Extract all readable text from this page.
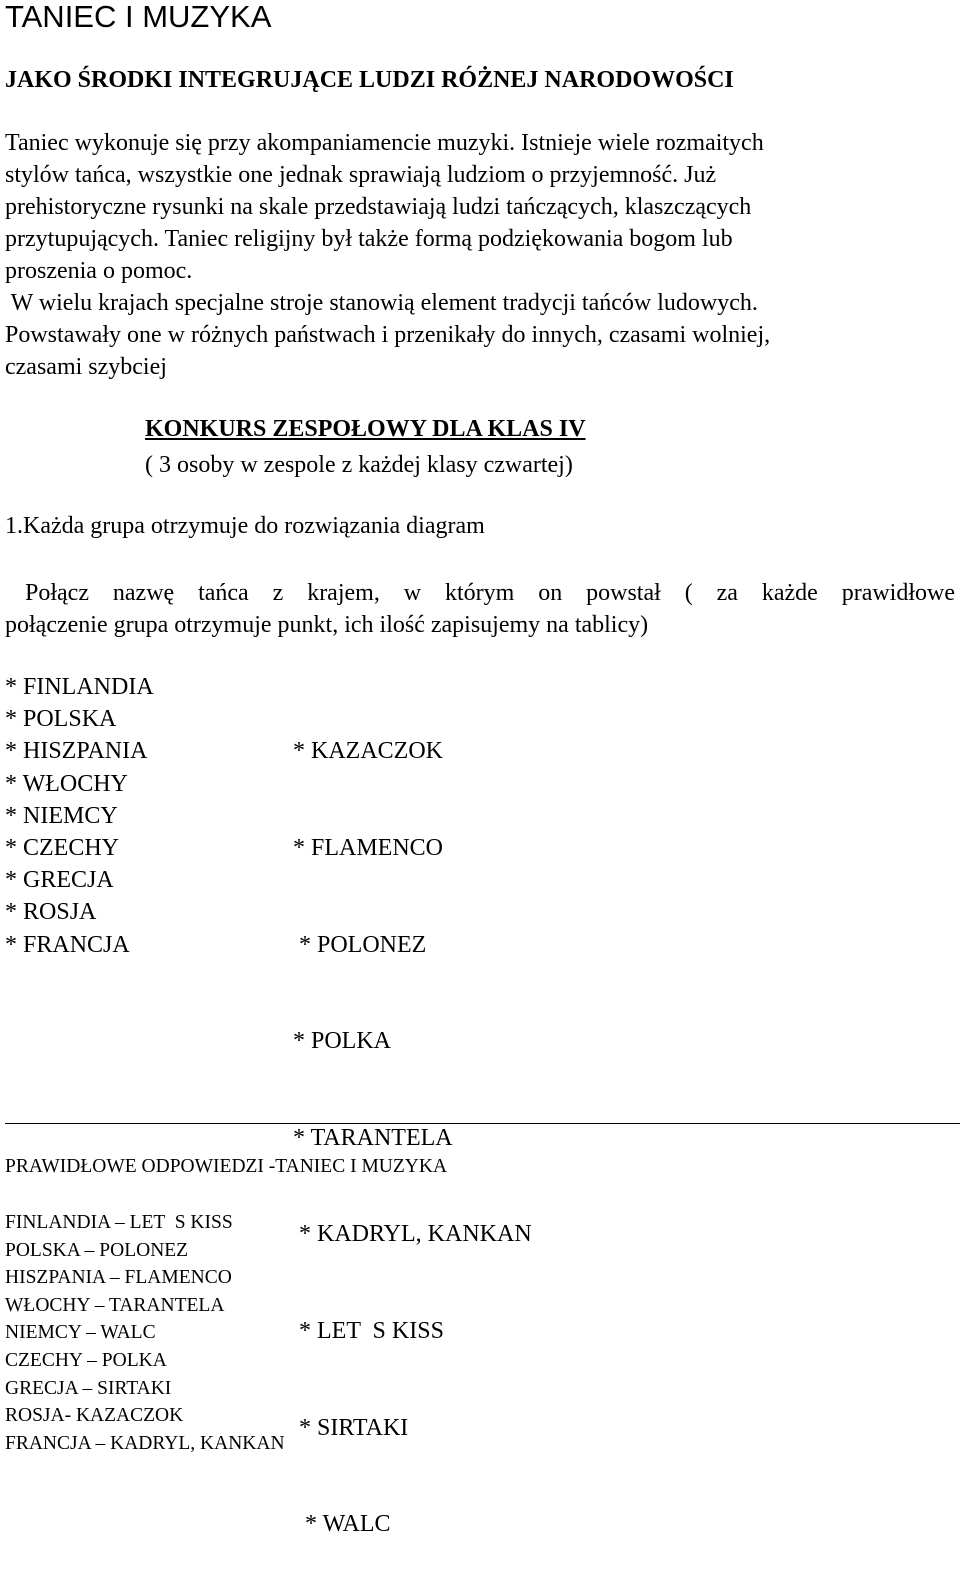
TANIEC I MUZYKA
JAKO ŚRODKI INTEGRUJĄCE LUDZI RÓŻNEJ NARODOWOŚCI
Taniec wykonuje się przy akompaniamencie muzyki. Istnieje wiele rozmaitych
stylów tańca, wszystkie one jednak sprawiają ludziom o przyjemność. Już
prehistoryczne rysunki na skale przedstawiają ludzi tańczących, klaszczących
przytupujących. Taniec religijny był także formą podziękowania bogom lub
proszenia o pomoc.
W wielu krajach specjalne stroje stanowią element tradycji tańców ludowych.
Powstawały one w różnych państwach i przenikały do innych, czasami wolniej,
czasami szybciej
KONKURS ZESPOŁOWY DLA KLAS IV
( 3 osoby w zespole z każdej klasy czwartej)
1.Każda grupa otrzymuje do rozwiązania diagram
Połącz nazwę tańca z krajem, w którym on powstał ( za każde prawidłowe
połączenie grupa otrzymuje punkt, ich ilość zapisujemy na tablicy)
* FINLANDIA
* POLSKA
* HISZPANIA
* WŁOCHY
* NIEMCY
* CZECHY
* GRECJA
* ROSJA
* FRANCJA

* KAZACZOK

* FLAMENCO

* POLONEZ

* POLKA

* TARANTELA

* KADRYL, KANKAN

* LET  S KISS

* SIRTAKI

* WALC

PRAWIDŁOWE ODPOWIEDZI -TANIEC I MUZYKA
FINLANDIA – LET  S KISS
POLSKA – POLONEZ
HISZPANIA – FLAMENCO
WŁOCHY – TARANTELA
NIEMCY – WALC
CZECHY – POLKA
GRECJA – SIRTAKI
ROSJA- KAZACZOK
FRANCJA – KADRYL, KANKAN
